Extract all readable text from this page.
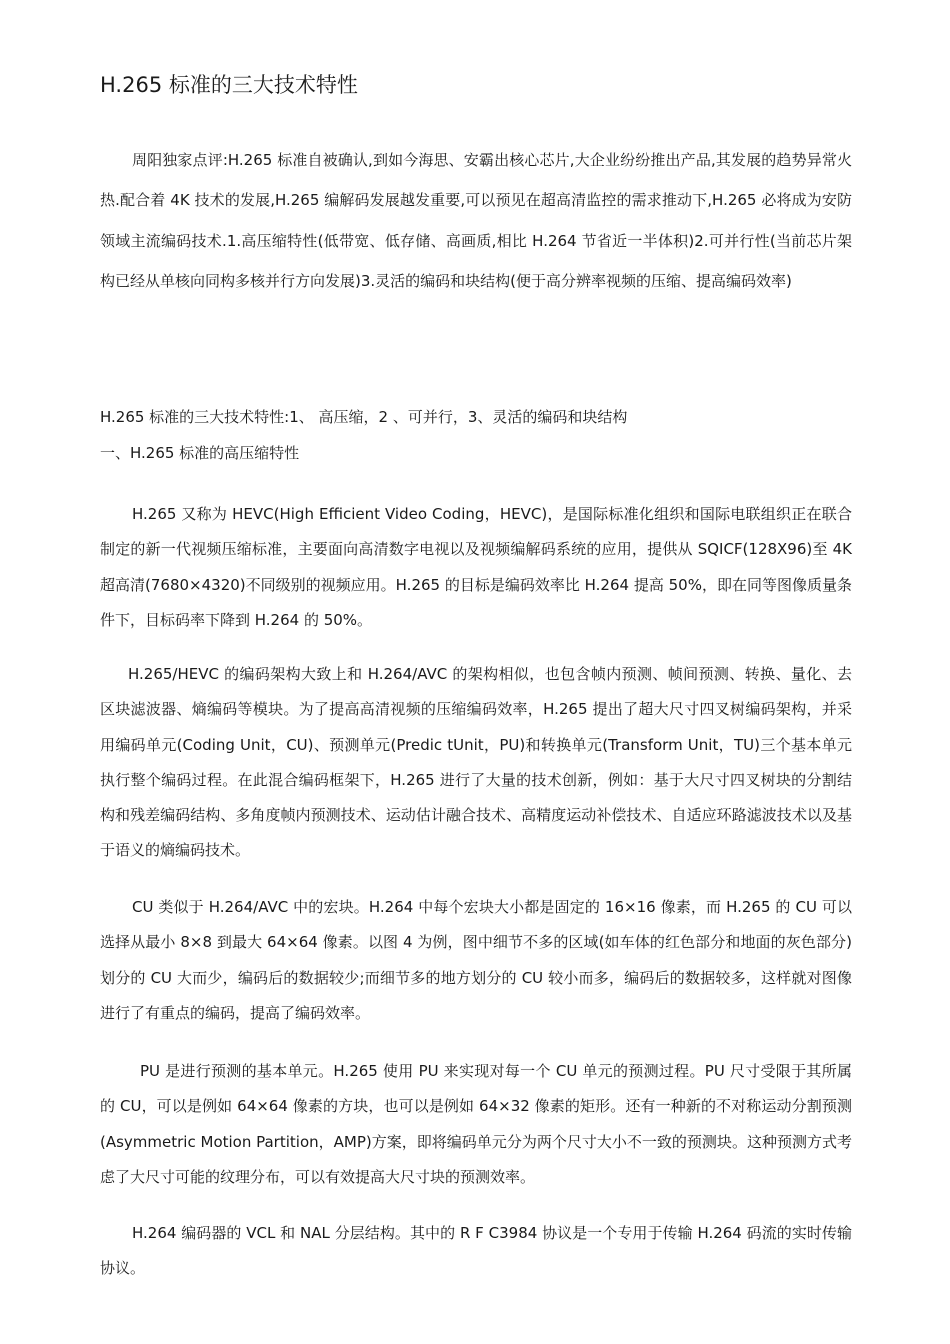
H.265 标准的三大技术特性

周阳独家点评:H.265 标准自被确认,到如今海思、安霸出核心芯片,大企业纷纷推出产品,其发展的趋势异常火热.配合着 4K 技术的发展,H.265 编解码发展越发重要,可以预见在超高清监控的需求推动下,H.265 必将成为安防领域主流编码技术.1.高压缩特性(低带宽、低存储、高画质,相比 H.264 节省近一半体积)2.可并行性(当前芯片架构已经从单核向同构多核并行方向发展)3.灵活的编码和块结构(便于高分辨率视频的压缩、提高编码效率)

H.265 标准的三大技术特性:1、 高压缩，2 、可并行，3、灵活的编码和块结构

一、H.265 标准的高压缩特性

H.265 又称为 HEVC(High Efficient Video Coding，HEVC)，是国际标准化组织和国际电联组织正在联合制定的新一代视频压缩标准，主要面向高清数字电视以及视频编解码系统的应用，提供从 SQICF(128X96)至 4K 超高清(7680×4320)不同级别的视频应用。H.265 的目标是编码效率比 H.264 提高 50%，即在同等图像质量条件下，目标码率下降到 H.264 的 50%。

H.265/HEVC 的编码架构大致上和 H.264/AVC 的架构相似，也包含帧内预测、帧间预测、转换、量化、去区块滤波器、熵编码等模块。为了提高高清视频的压缩编码效率，H.265 提出了超大尺寸四叉树编码架构，并采用编码单元(Coding Unit，CU)、预测单元(Predic tUnit，PU)和转换单元(Transform Unit，TU)三个基本单元执行整个编码过程。在此混合编码框架下，H.265 进行了大量的技术创新，例如：基于大尺寸四叉树块的分割结构和残差编码结构、多角度帧内预测技术、运动估计融合技术、高精度运动补偿技术、自适应环路滤波技术以及基于语义的熵编码技术。

CU 类似于 H.264/AVC 中的宏块。H.264 中每个宏块大小都是固定的 16×16 像素，而 H.265 的 CU 可以选择从最小 8×8 到最大 64×64 像素。以图 4 为例，图中细节不多的区域(如车体的红色部分和地面的灰色部分)划分的 CU 大而少，编码后的数据较少;而细节多的地方划分的 CU 较小而多，编码后的数据较多，这样就对图像进行了有重点的编码，提高了编码效率。

PU 是进行预测的基本单元。H.265 使用 PU 来实现对每一个 CU 单元的预测过程。PU 尺寸受限于其所属的 CU，可以是例如 64×64 像素的方块，也可以是例如 64×32 像素的矩形。还有一种新的不对称运动分割预测(Asymmetric Motion Partition，AMP)方案，即将编码单元分为两个尺寸大小不一致的预测块。这种预测方式考虑了大尺寸可能的纹理分布，可以有效提高大尺寸块的预测效率。

H.264 编码器的 VCL 和 NAL 分层结构。其中的 R F C3984 协议是一个专用于传输 H.264 码流的实时传输协议。
